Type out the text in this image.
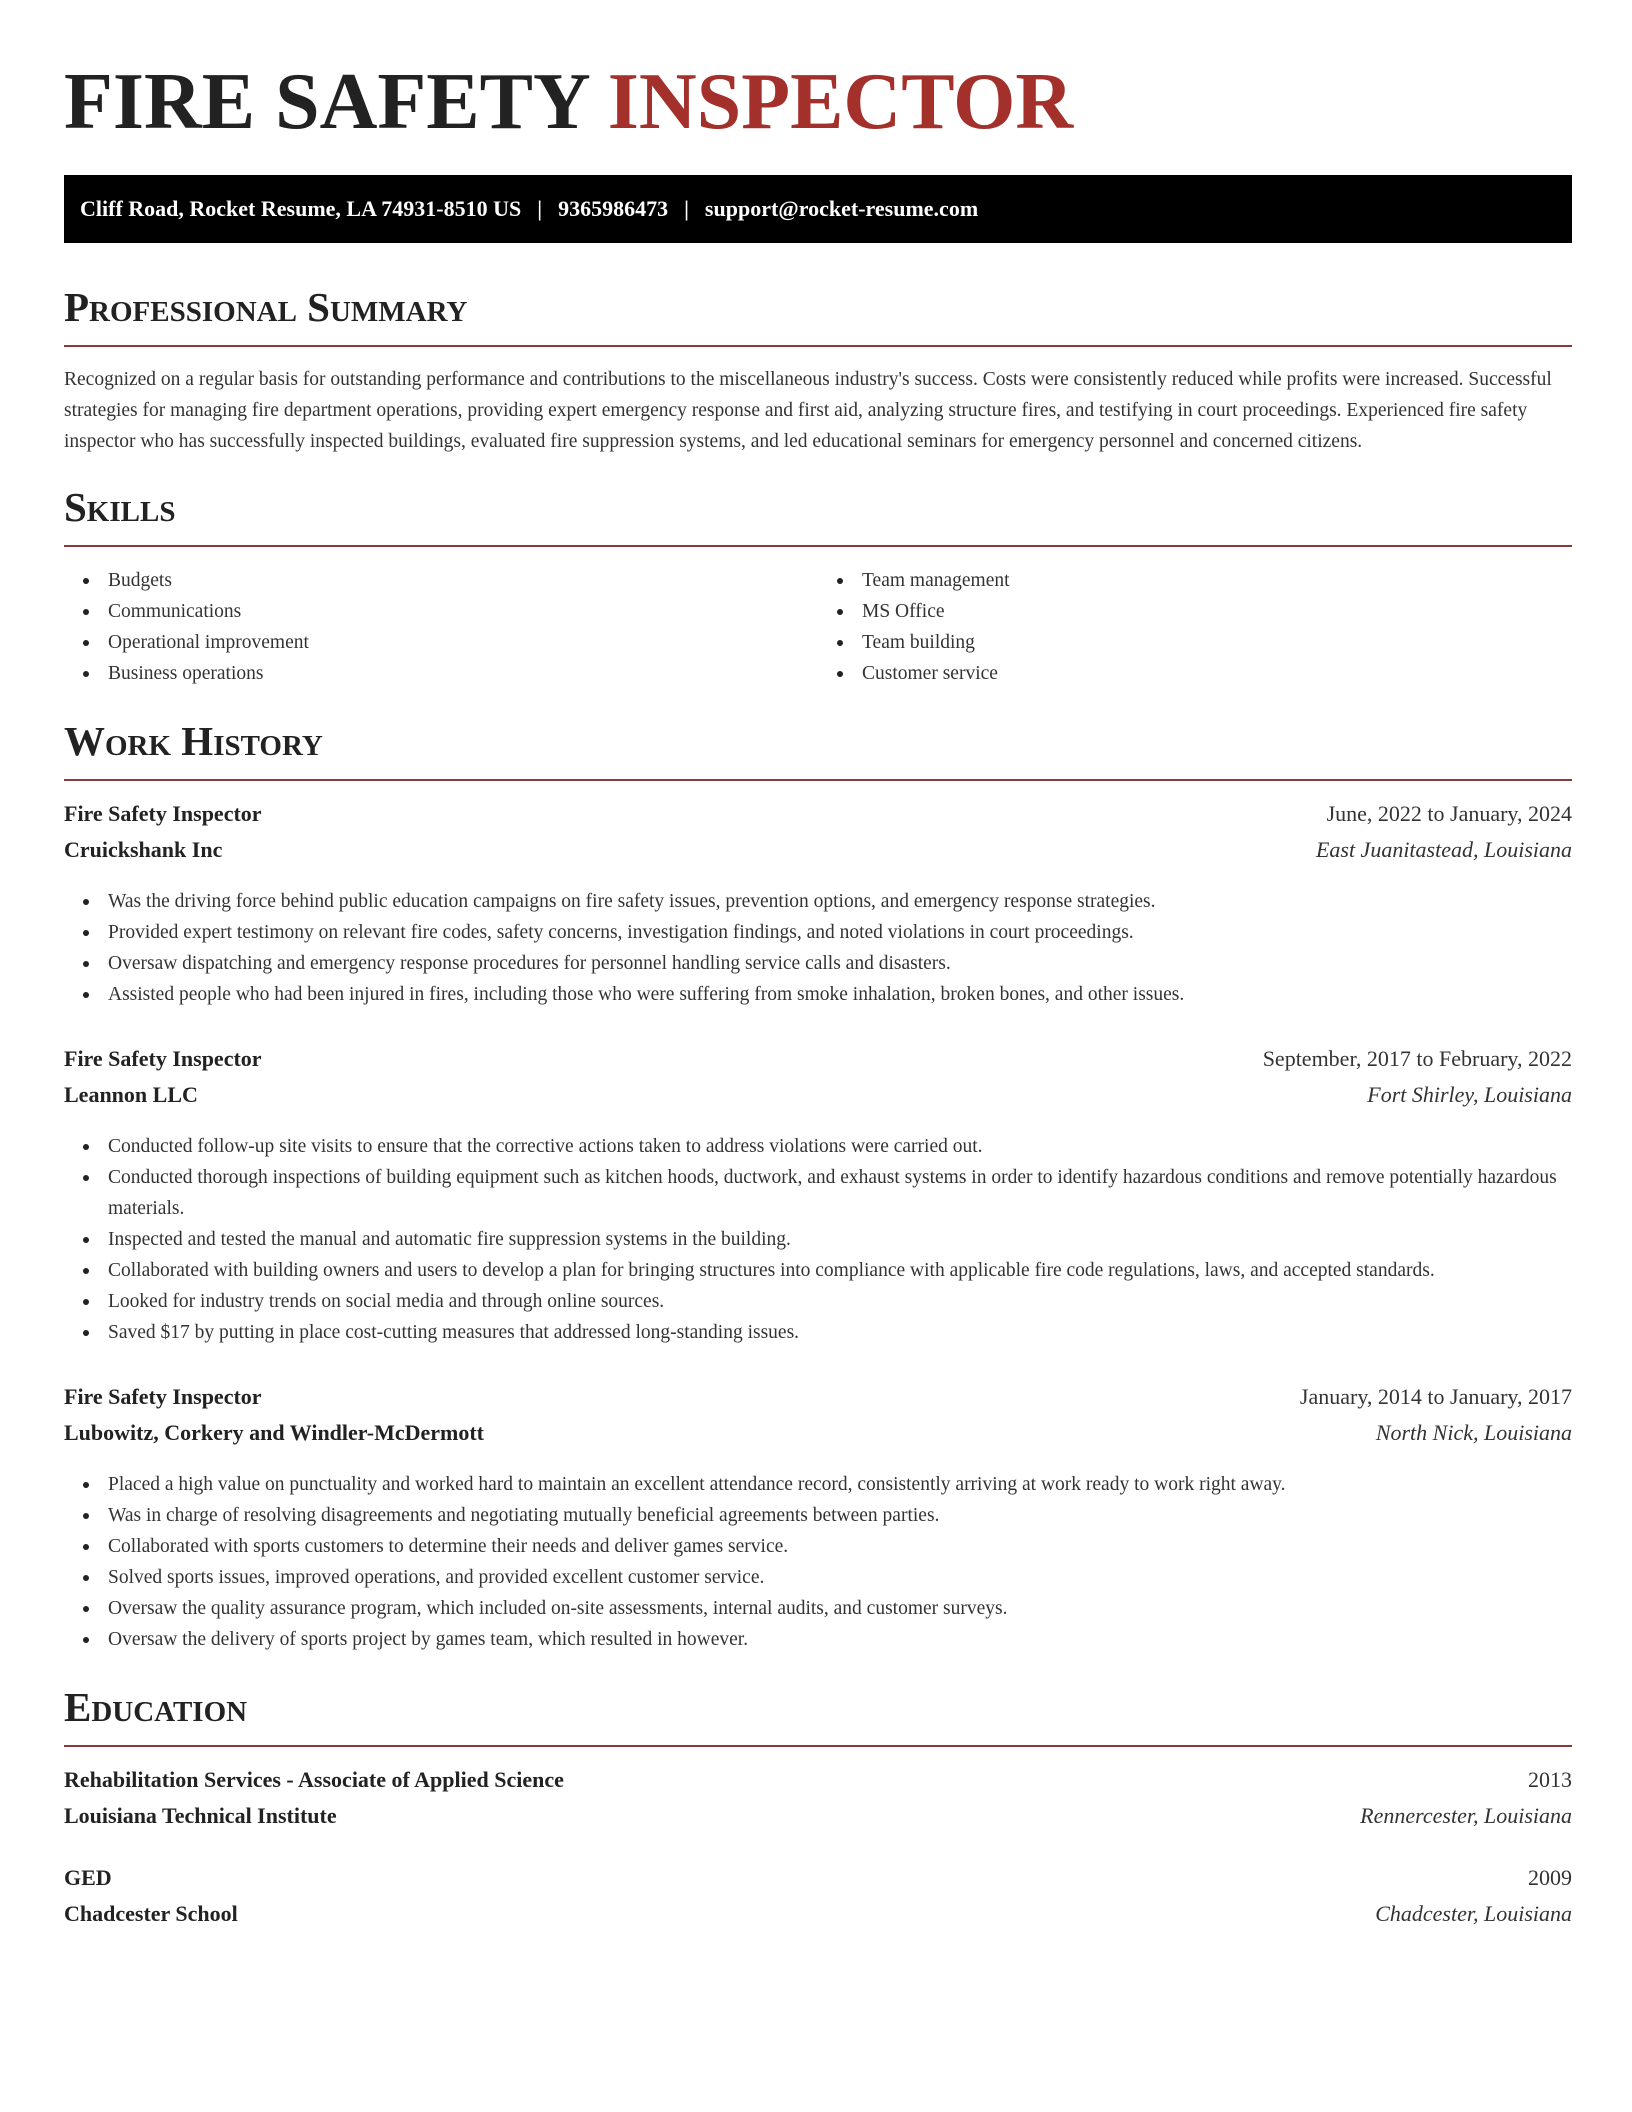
FIRE SAFETY INSPECTOR
Cliff Road, Rocket Resume, LA 74931-8510 US | 9365986473 | support@rocket-resume.com
Professional Summary

Recognized on a regular basis for outstanding performance and contributions to the miscellaneous industry's success. Costs were consistently reduced while profits were increased. Successful strategies for managing fire department operations, providing expert emergency response and first aid, analyzing structure fires, and testifying in court proceedings. Experienced fire safety inspector who has successfully inspected buildings, evaluated fire suppression systems, and led educational seminars for emergency personnel and concerned citizens.

Skills
Budgets
Communications
Operational improvement
Business operations
Team management
MS Office
Team building
Customer service
Work History
Fire Safety Inspector	June, 2022 to January, 2024
Cruickshank Inc	East Juanitastead, Louisiana
Was the driving force behind public education campaigns on fire safety issues, prevention options, and emergency response strategies.
Provided expert testimony on relevant fire codes, safety concerns, investigation findings, and noted violations in court proceedings.
Oversaw dispatching and emergency response procedures for personnel handling service calls and disasters.
Assisted people who had been injured in fires, including those who were suffering from smoke inhalation, broken bones, and other issues.
Fire Safety Inspector	September, 2017 to February, 2022
Leannon LLC	Fort Shirley, Louisiana
Conducted follow-up site visits to ensure that the corrective actions taken to address violations were carried out.
Conducted thorough inspections of building equipment such as kitchen hoods, ductwork, and exhaust systems in order to identify hazardous conditions and remove potentially hazardous materials.
Inspected and tested the manual and automatic fire suppression systems in the building.
Collaborated with building owners and users to develop a plan for bringing structures into compliance with applicable fire code regulations, laws, and accepted standards.
Looked for industry trends on social media and through online sources.
Saved $17 by putting in place cost-cutting measures that addressed long-standing issues.
Fire Safety Inspector	January, 2014 to January, 2017
Lubowitz, Corkery and Windler-McDermott	North Nick, Louisiana
Placed a high value on punctuality and worked hard to maintain an excellent attendance record, consistently arriving at work ready to work right away.
Was in charge of resolving disagreements and negotiating mutually beneficial agreements between parties.
Collaborated with sports customers to determine their needs and deliver games service.
Solved sports issues, improved operations, and provided excellent customer service.
Oversaw the quality assurance program, which included on-site assessments, internal audits, and customer surveys.
Oversaw the delivery of sports project by games team, which resulted in however.
Education
Rehabilitation Services - Associate of Applied Science	2013
Louisiana Technical Institute	Rennercester, Louisiana
GED	2009
Chadcester School	Chadcester, Louisiana
